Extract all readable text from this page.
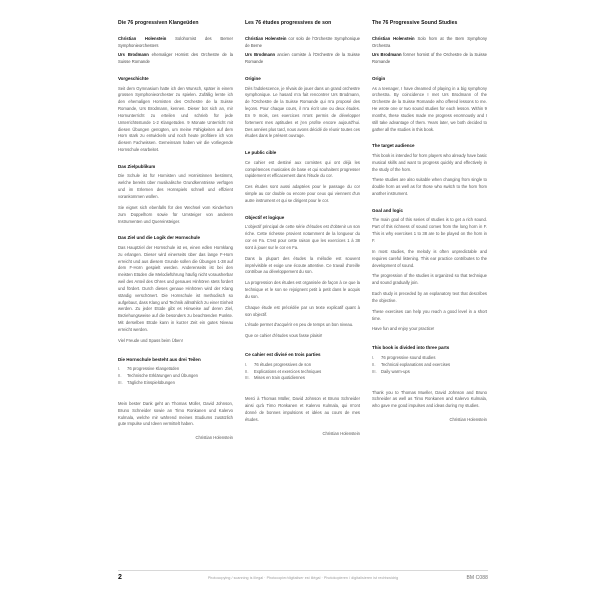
Die 76 progressiven Klangeüden

Christian Holenstein Solohornist des Berner Symphonieorchesters

Urs Brodmann ehemaliger Hornist des Orchestre de la Suisse Romande

Vorgeschichte

Seit dem Gymnasium hatte ich den Wunsch, später in einem grossen Symphonieorchester zu spielen. Zufällig lernte ich den ehemaligen Hornisten des Orchestre de la Suisse Romande, Urs Brodmann, kennen. Dieser bot sich an, mir Hornunterricht zu erteilen und schrieb für jede Unterrichtsstunde 1-2 Klangetüden. 9 Monate Unterricht mit diesen Übungen genügten, um meine Fähigkeiten auf dem Horn stark zu entwickeln und noch heute profitiere ich von diesem Fachwissen. Gemeinsam haben wir die vorliegende Hornschule erarbeitet.

Das Zielpublikum

Die Schule ist für Hornisten und Hornistinnen bestimmt, welche bereits über musikalische Grundkenntnisse verfügen und im Erlernen des Hornspiels schnell und effizient vorankommen wollen.

Sie eignet sich ebenfalls für den Wechsel vom Kinderhorn zum Doppelhorn sowie für Umsteiger von anderen Instrumenten und Quereinsteiger.

Das Ziel und die Logik der Hornschule

Das Hauptziel der Hornschule ist es, einen edlen Hornklang zu erlangen. Dieser wird einerseits über das lange F-Horn erreicht und aus diesem Grunde sollen die Übungen 1-38 auf dem F-Horn gespielt werden. Anderenseits ist bei den meisten Etüden die Melodieführung häufig nicht vorausherbar weil des Anteil des Ohres und genaues Hinhören stets fordert und fördert. Durch dieses genaue Hinhören wird der Klang ständig verschönert. Die Hornschule ist methodisch so aufgebaut, dass Klang und Technik allmählich zu einer Einheit werden. Zu jeder Etüde gibt es Hinweise auf deren Ziel, Beziehungsweise auf die besonders zu beachtenden Punkte. Mit derselben Etüde kann in kurzer Zeit ein gutes Niveau erreicht werden.

Viel Freude und Spass beim Üben!

Die Hornschule besteht aus drei Teilen
I.	76 progressive Klangetüden
II.	Technische Erklärungen und Übungen
III.	Tägliche Einspielübungen

Mein bester Dank geht an Thomas Müller, David Johnson, Bruno Schneider sowie an Timo Ronkanen und Kalervo Kulmala, welche mir während meines Studiums zusätzlich gute Impulse und Ideen vermittelt haben.

Christian Holenstein
Les 76 études progressives de son

Christian Holenstein cor solo de l'Orchestre Symphonique de Berne

Urs Brodmann ancien corniste à l'Orchestre de la Suisse Romande

Origine

Dès l'adolescence, je rêvais de jouer dans un grand orchestre symphonique. Le hasard m'a fait rencontrer Urs Brodmann, de l'Orchestre de la Suisse Romande qui m'a proposé des leçons. Pour chaque cours, il m'a écrit une ou deux études. En 9 mois, ces exercices m'ont permis de développer fortement mes aptitudes et j'en profite encore aujourd'hui. Des années plus tard, nous avons décidé de réunir toutes ces études dans le présent ouvrage.

Le public cible

Ce cahier est destiné aux cornistes qui ont déjà les compétences musicales de base et qui souhaitent progresser rapidement et efficacement dans l'étude du cor.

Ces études sont aussi adaptées pour le passage du cor simple au cor double ou encore pour ceux qui viennent d'un autre instrument et qui se dirigent pour le cor.

Objectif et logique

L'objectif principal de cette série d'études est d'obtenir un son riche. Cette richesse provient notamment de la longueur du cor en Fa. C'est pour cette raison que les exercices 1 à 38 sont à jouer sur le cor en Fa.

Dans la plupart des études la mélodie est souvent imprévisible et exige une écoute attentive. Ce travail d'oreille contribue au développement du son.

La progression des études est organisée de façon à ce que la technique et le son se rejoignent petit à petit dans le acquis du son.

Chaque étude est précédée par un texte explicatif quant à son objectif.

L'étude permet d'acquérir en peu de temps un bon niveau.

Que ce cahier d'études vous fasse plaisir!

Ce cahier est divisé en trois parties
I.	76 études progressives de son
II.	Explications et exercices techniques
III.	Mises en train quotidiennes

Merci à Thomas Müller, David Johnson et Bruno Schneider ainsi qu'à Timo Ronkanen et Kalervo Kulmala, qui m'ont donné de bonnes impulsions et idées au cours de mes études.

Christian Holenstein
The 76 Progressive Sound Studies

Christian Holenstein Solo horn at the Bern Symphony Orchestra

Urs Brodmann former hornist of the Orchestre de la Suisse Romande

Origin

As a teenager, I have dreamed of playing in a big symphony orchestra. By coincidence I met Urs Brodmann of the Orchestre de la Suisse Romande who offered lessons to me. He wrote one or two sound studies for each lesson. Within 9 months, these studies made me progress enormously and I still take advantage of them. Years later, we both decided to gather all the studies in this book.

The target audience

This book is intended for horn players who already have basic musical skills and want to progress quickly and effectively in the study of the horn.

These studies are also suitable when changing from single to double horn as well as for those who switch to the horn from another instrument.

Goal and logic

The main goal of this series of studies is to get a rich sound. Part of this richness of sound comes from the long horn in F. This is why exercises 1 to 38 are to be played on the horn in F.

In most studies, the melody is often unpredictable and requires careful listening. This ear practice contributes to the development of sound.

The progression of the studies is organized so that technique and sound gradually join.

Each study is preceded by an explanatory text that describes the objective.

These exercises can help you reach a good level in a short time.

Have fun and enjoy your practice!

This book is divided into three parts
I.	76 progressive sound studies
II.	Technical explanations and exercises
III.	Daily warm-ups

Thank you to Thomas Mueller, David Johnson and Bruno Schneider as well as Timo Ronkanen and Kalervo Kulmala, who gave me good impulses and ideas during my studies.

Christian Holenstein
2	Photocopying / scanning is illegal · Photocopier/digitaliser est illégal · Photokopieren / digitalisieren ist rechtswidrig	BM C088
